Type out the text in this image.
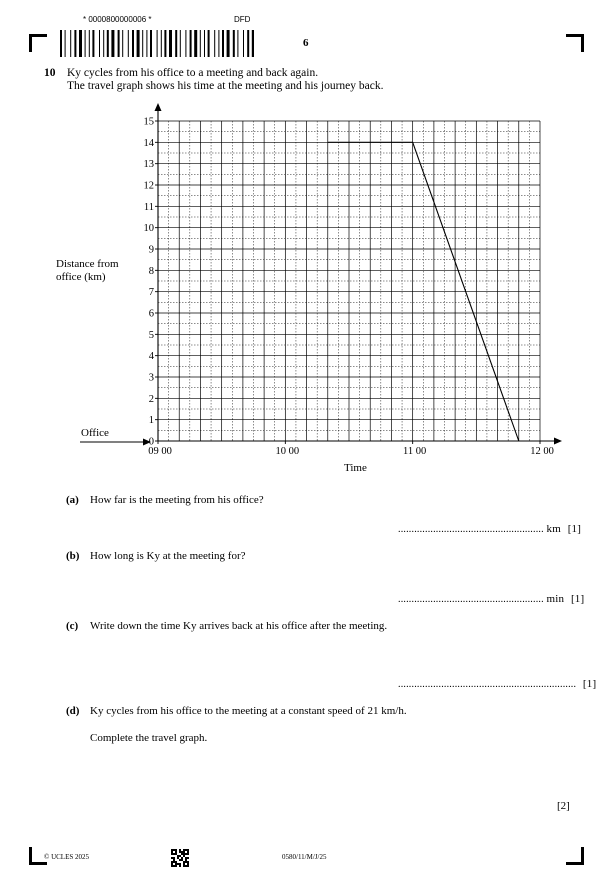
* 0000800000006 *	DFD
6
10 Ky cycles from his office to a meeting and back again.
The travel graph shows his time at the meeting and his journey back.
Distance from
office (km)
Office
Time
0
1
2
3
4
5
6
7
8
9
10
11
12
13
14
15
09 00	10 00	11 00	12 00
(a) How far is the meeting from his office?
...................................................... km [1]
(b) How long is Ky at the meeting for?
...................................................... min [1]
(c) Write down the time Ky arrives back at his office after the meeting.
.................................................................. [1]
(d) Ky cycles from his office to the meeting at a constant speed of 21 km/h.
Complete the travel graph.
[2]
© UCLES 2025	0580/11/M/J/25
